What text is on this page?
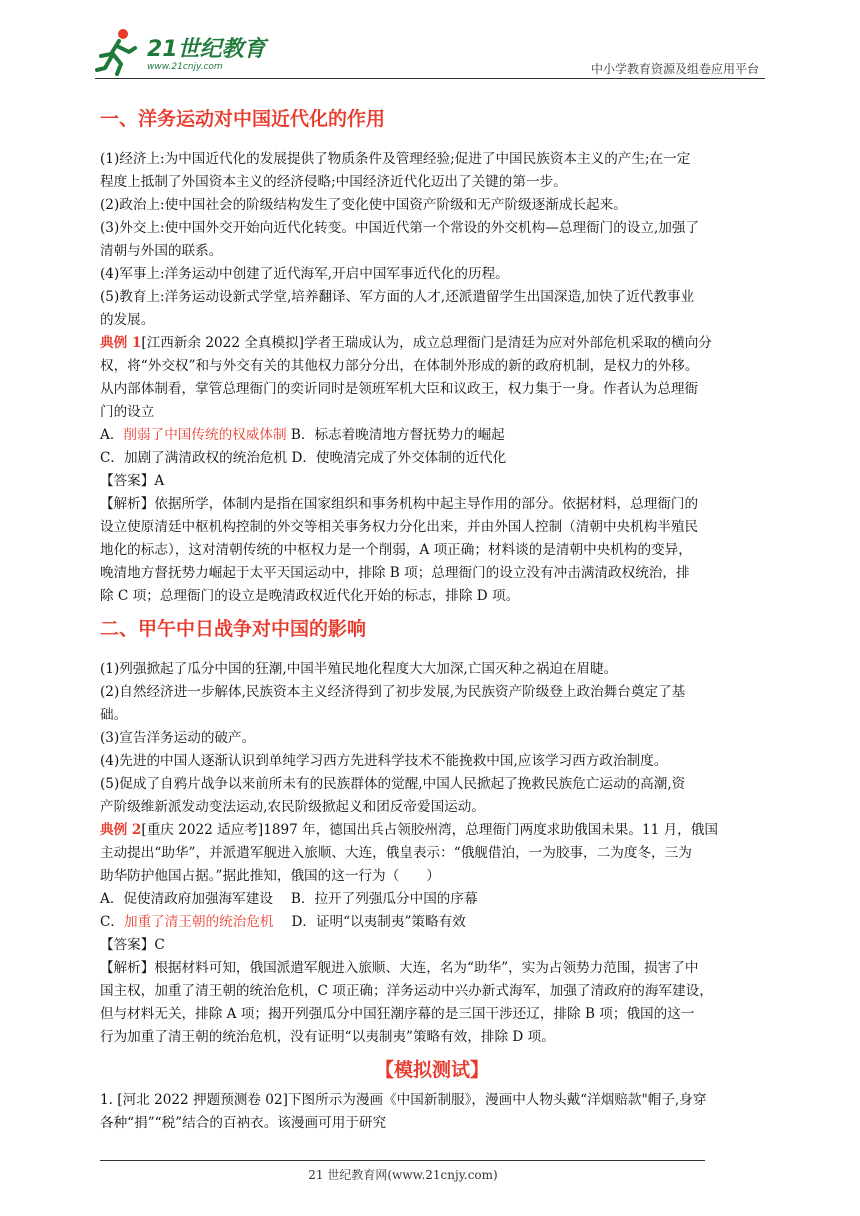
21世纪教育
www.21cnjy.com	中小学教育资源及组卷应用平台
一、洋务运动对中国近代化的作用

(1)经济上:为中国近代化的发展提供了物质条件及管理经验;促进了中国民族资本主义的产生;在一定

程度上抵制了外国资本主义的经济侵略;中国经济近代化迈出了关键的第一步。

(2)政治上:使中国社会的阶级结构发生了变化使中国资产阶级和无产阶级逐渐成长起来。

(3)外交上:使中国外交开始向近代化转变。中国近代第一个常设的外交机构—总理衙门的设立,加强了

清朝与外国的联系。

(4)军事上:洋务运动中创建了近代海军,开启中国军事近代化的历程。

(5)教育上:洋务运动设新式学堂,培养翻译、军方面的人才,还派遣留学生出国深造,加快了近代教事业

的发展。

典例 1[江西新余 2022 全真模拟]学者王瑞成认为，成立总理衙门是清廷为应对外部危机采取的横向分

权，将“外交权”和与外交有关的其他权力部分分出，在体制外形成的新的政府机制，是权力的外移。

从内部体制看，掌管总理衙门的奕䜣同时是领班军机大臣和议政王，权力集于一身。作者认为总理衙

门的设立

A．削弱了中国传统的权威体制 B．标志着晚清地方督抚势力的崛起

C．加剧了满清政权的统治危机 D．使晚清完成了外交体制的近代化

【答案】A

【解析】依据所学，体制内是指在国家组织和事务机构中起主导作用的部分。依据材料，总理衙门的

设立使原清廷中枢机构控制的外交等相关事务权力分化出来，并由外国人控制（清朝中央机构半殖民

地化的标志），这对清朝传统的中枢权力是一个削弱，A 项正确；材料谈的是清朝中央机构的变异，

晚清地方督抚势力崛起于太平天国运动中，排除 B 项；总理衙门的设立没有冲击满清政权统治，排

除 C 项；总理衙门的设立是晚清政权近代化开始的标志，排除 D 项。

二、甲午中日战争对中国的影响

(1)列强掀起了瓜分中国的狂潮,中国半殖民地化程度大大加深,亡国灭种之祸迫在眉睫。

(2)自然经济进一步解体,民族资本主义经济得到了初步发展,为民族资产阶级登上政治舞台奠定了基

础。

(3)宣告洋务运动的破产。

(4)先进的中国人逐渐认识到单纯学习西方先进科学技术不能挽救中国,应该学习西方政治制度。

(5)促成了自鸦片战争以来前所未有的民族群体的觉醒,中国人民掀起了挽救民族危亡运动的高潮,资

产阶级维新派发动变法运动,农民阶级掀起义和团反帝爱国运动。

典例 2[重庆 2022 适应考]1897 年，德国出兵占领胶州湾，总理衙门两度求助俄国未果。11 月，俄国

主动提出“助华”，并派遣军舰进入旅顺、大连，俄皇表示：“俄舰借泊，一为胶事，二为度冬，三为

助华防护他国占据。”据此推知，俄国的这一行为（　　）

A．促使清政府加强海军建设　 B．拉开了列强瓜分中国的序幕

C．加重了清王朝的统治危机　 D．证明“以夷制夷”策略有效

【答案】C

【解析】根据材料可知，俄国派遣军舰进入旅顺、大连，名为“助华”，实为占领势力范围，损害了中

国主权，加重了清王朝的统治危机，C 项正确；洋务运动中兴办新式海军，加强了清政府的海军建设，

但与材料无关，排除 A 项；揭开列强瓜分中国狂潮序幕的是三国干涉还辽，排除 B 项；俄国的这一

行为加重了清王朝的统治危机，没有证明“以夷制夷”策略有效，排除 D 项。

【模拟测试】

1. [河北 2022 押题预测卷 02]下图所示为漫画《中国新制服》，漫画中人物头戴“洋烟赔款"帽子,身穿

各种“捐”“税”结合的百衲衣。该漫画可用于研究

21 世纪教育网(www.21cnjy.com)
